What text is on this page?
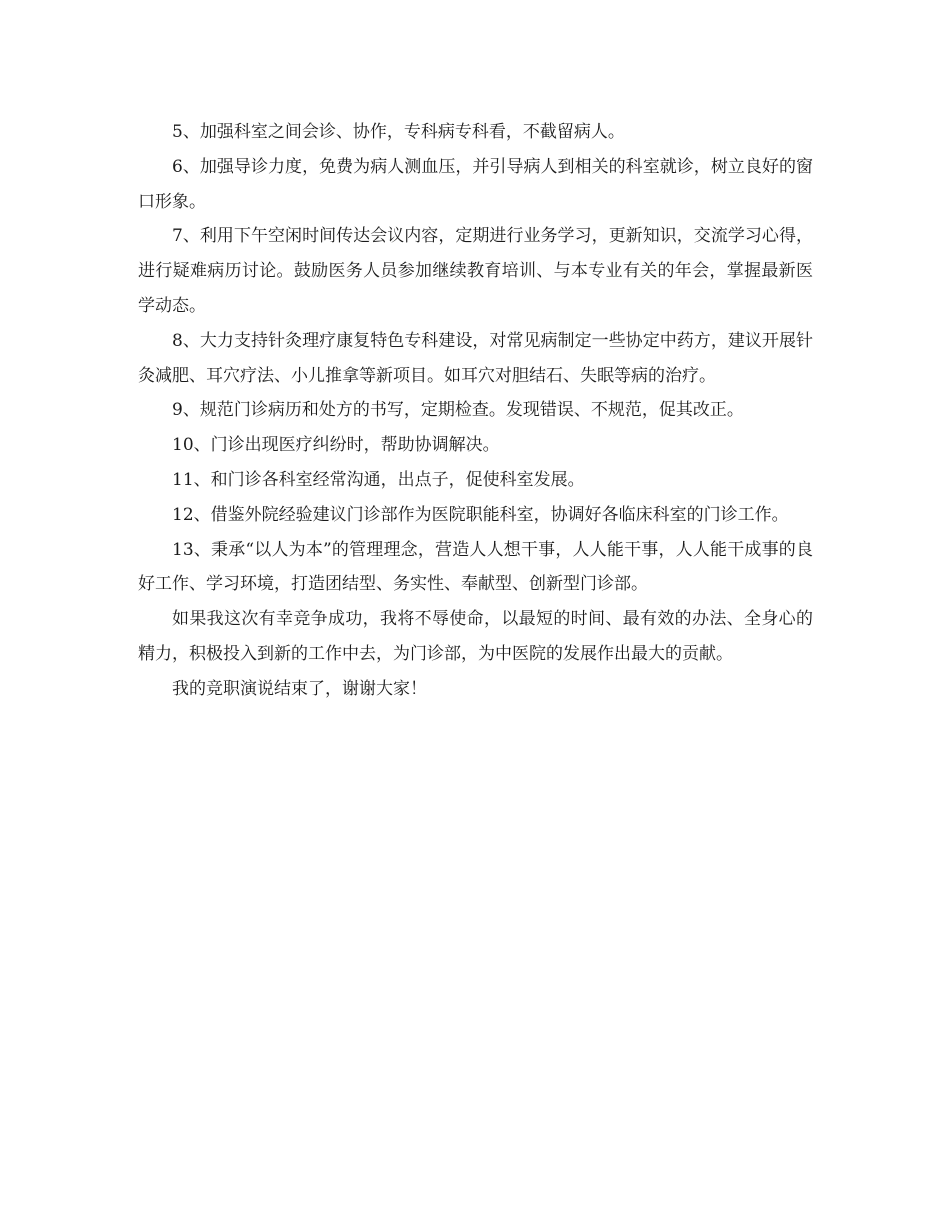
5、加强科室之间会诊、协作，专科病专科看，不截留病人。

6、加强导诊力度，免费为病人测血压，并引导病人到相关的科室就诊，树立良好的窗口形象。

7、利用下午空闲时间传达会议内容，定期进行业务学习，更新知识，交流学习心得，进行疑难病历讨论。鼓励医务人员参加继续教育培训、与本专业有关的年会，掌握最新医学动态。

8、大力支持针灸理疗康复特色专科建设，对常见病制定一些协定中药方，建议开展针灸减肥、耳穴疗法、小儿推拿等新项目。如耳穴对胆结石、失眠等病的治疗。

9、规范门诊病历和处方的书写，定期检查。发现错误、不规范，促其改正。

10、门诊出现医疗纠纷时，帮助协调解决。

11、和门诊各科室经常沟通，出点子，促使科室发展。

12、借鉴外院经验建议门诊部作为医院职能科室，协调好各临床科室的门诊工作。

13、秉承“以人为本”的管理理念，营造人人想干事，人人能干事，人人能干成事的良好工作、学习环境，打造团结型、务实性、奉献型、创新型门诊部。

如果我这次有幸竞争成功，我将不辱使命，以最短的时间、最有效的办法、全身心的精力，积极投入到新的工作中去，为门诊部，为中医院的发展作出最大的贡献。

我的竞职演说结束了，谢谢大家！
